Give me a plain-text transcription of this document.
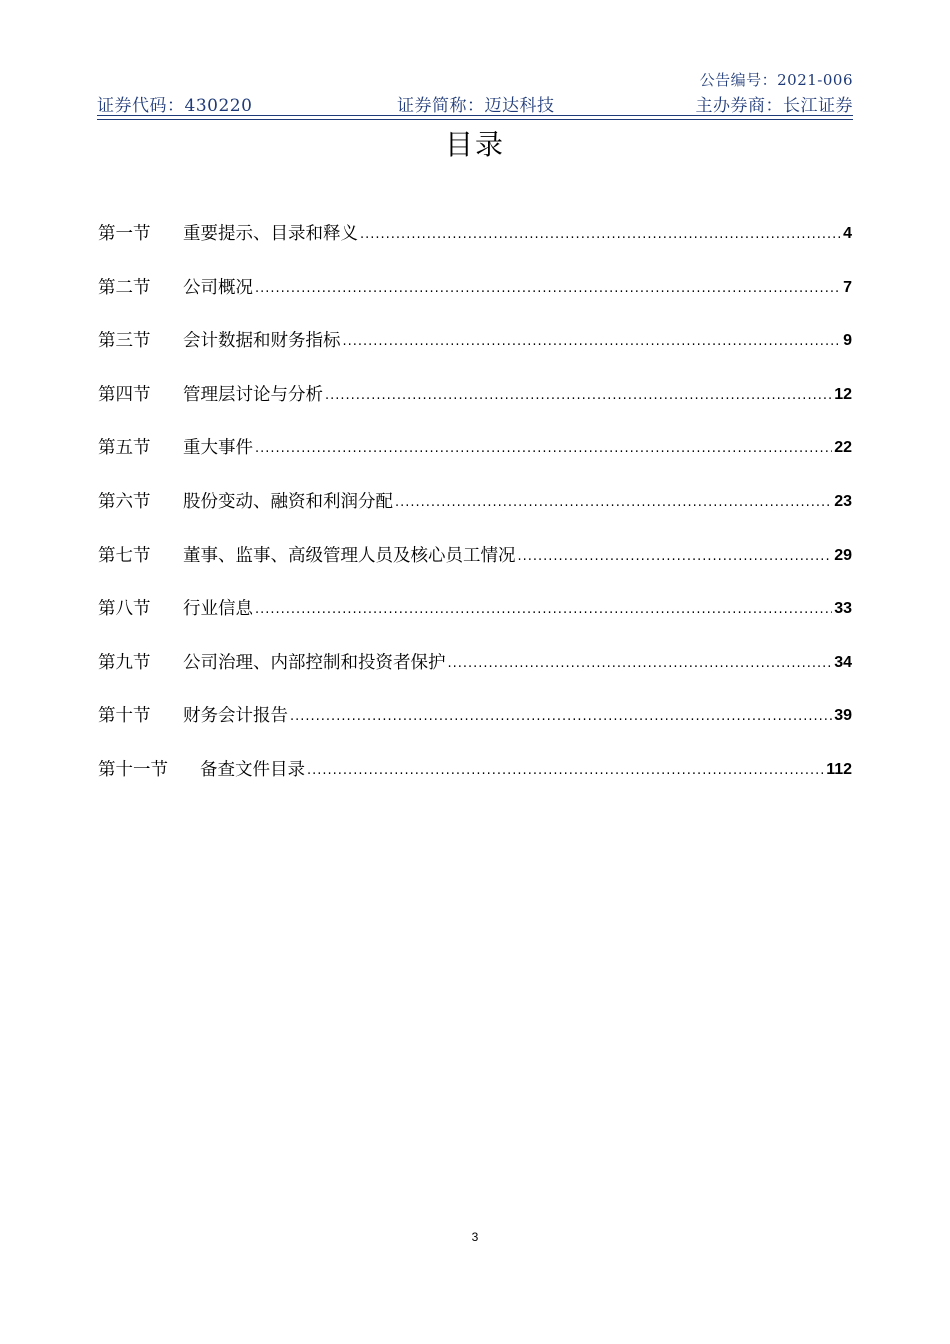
公告编号：2021-006
证券代码：430220	证券简称：迈达科技	主办券商：长江证券
目录
第一节	重要提示、目录和释义 .....	4
第二节	公司概况 .....	7
第三节	会计数据和财务指标 .....	9
第四节	管理层讨论与分析 .....	12
第五节	重大事件 .....	22
第六节	股份变动、融资和利润分配 .....	23
第七节	董事、监事、高级管理人员及核心员工情况 .....	29
第八节	行业信息 .....	33
第九节	公司治理、内部控制和投资者保护 .....	34
第十节	财务会计报告 .....	39
第十一节	备查文件目录 .....	112
3
